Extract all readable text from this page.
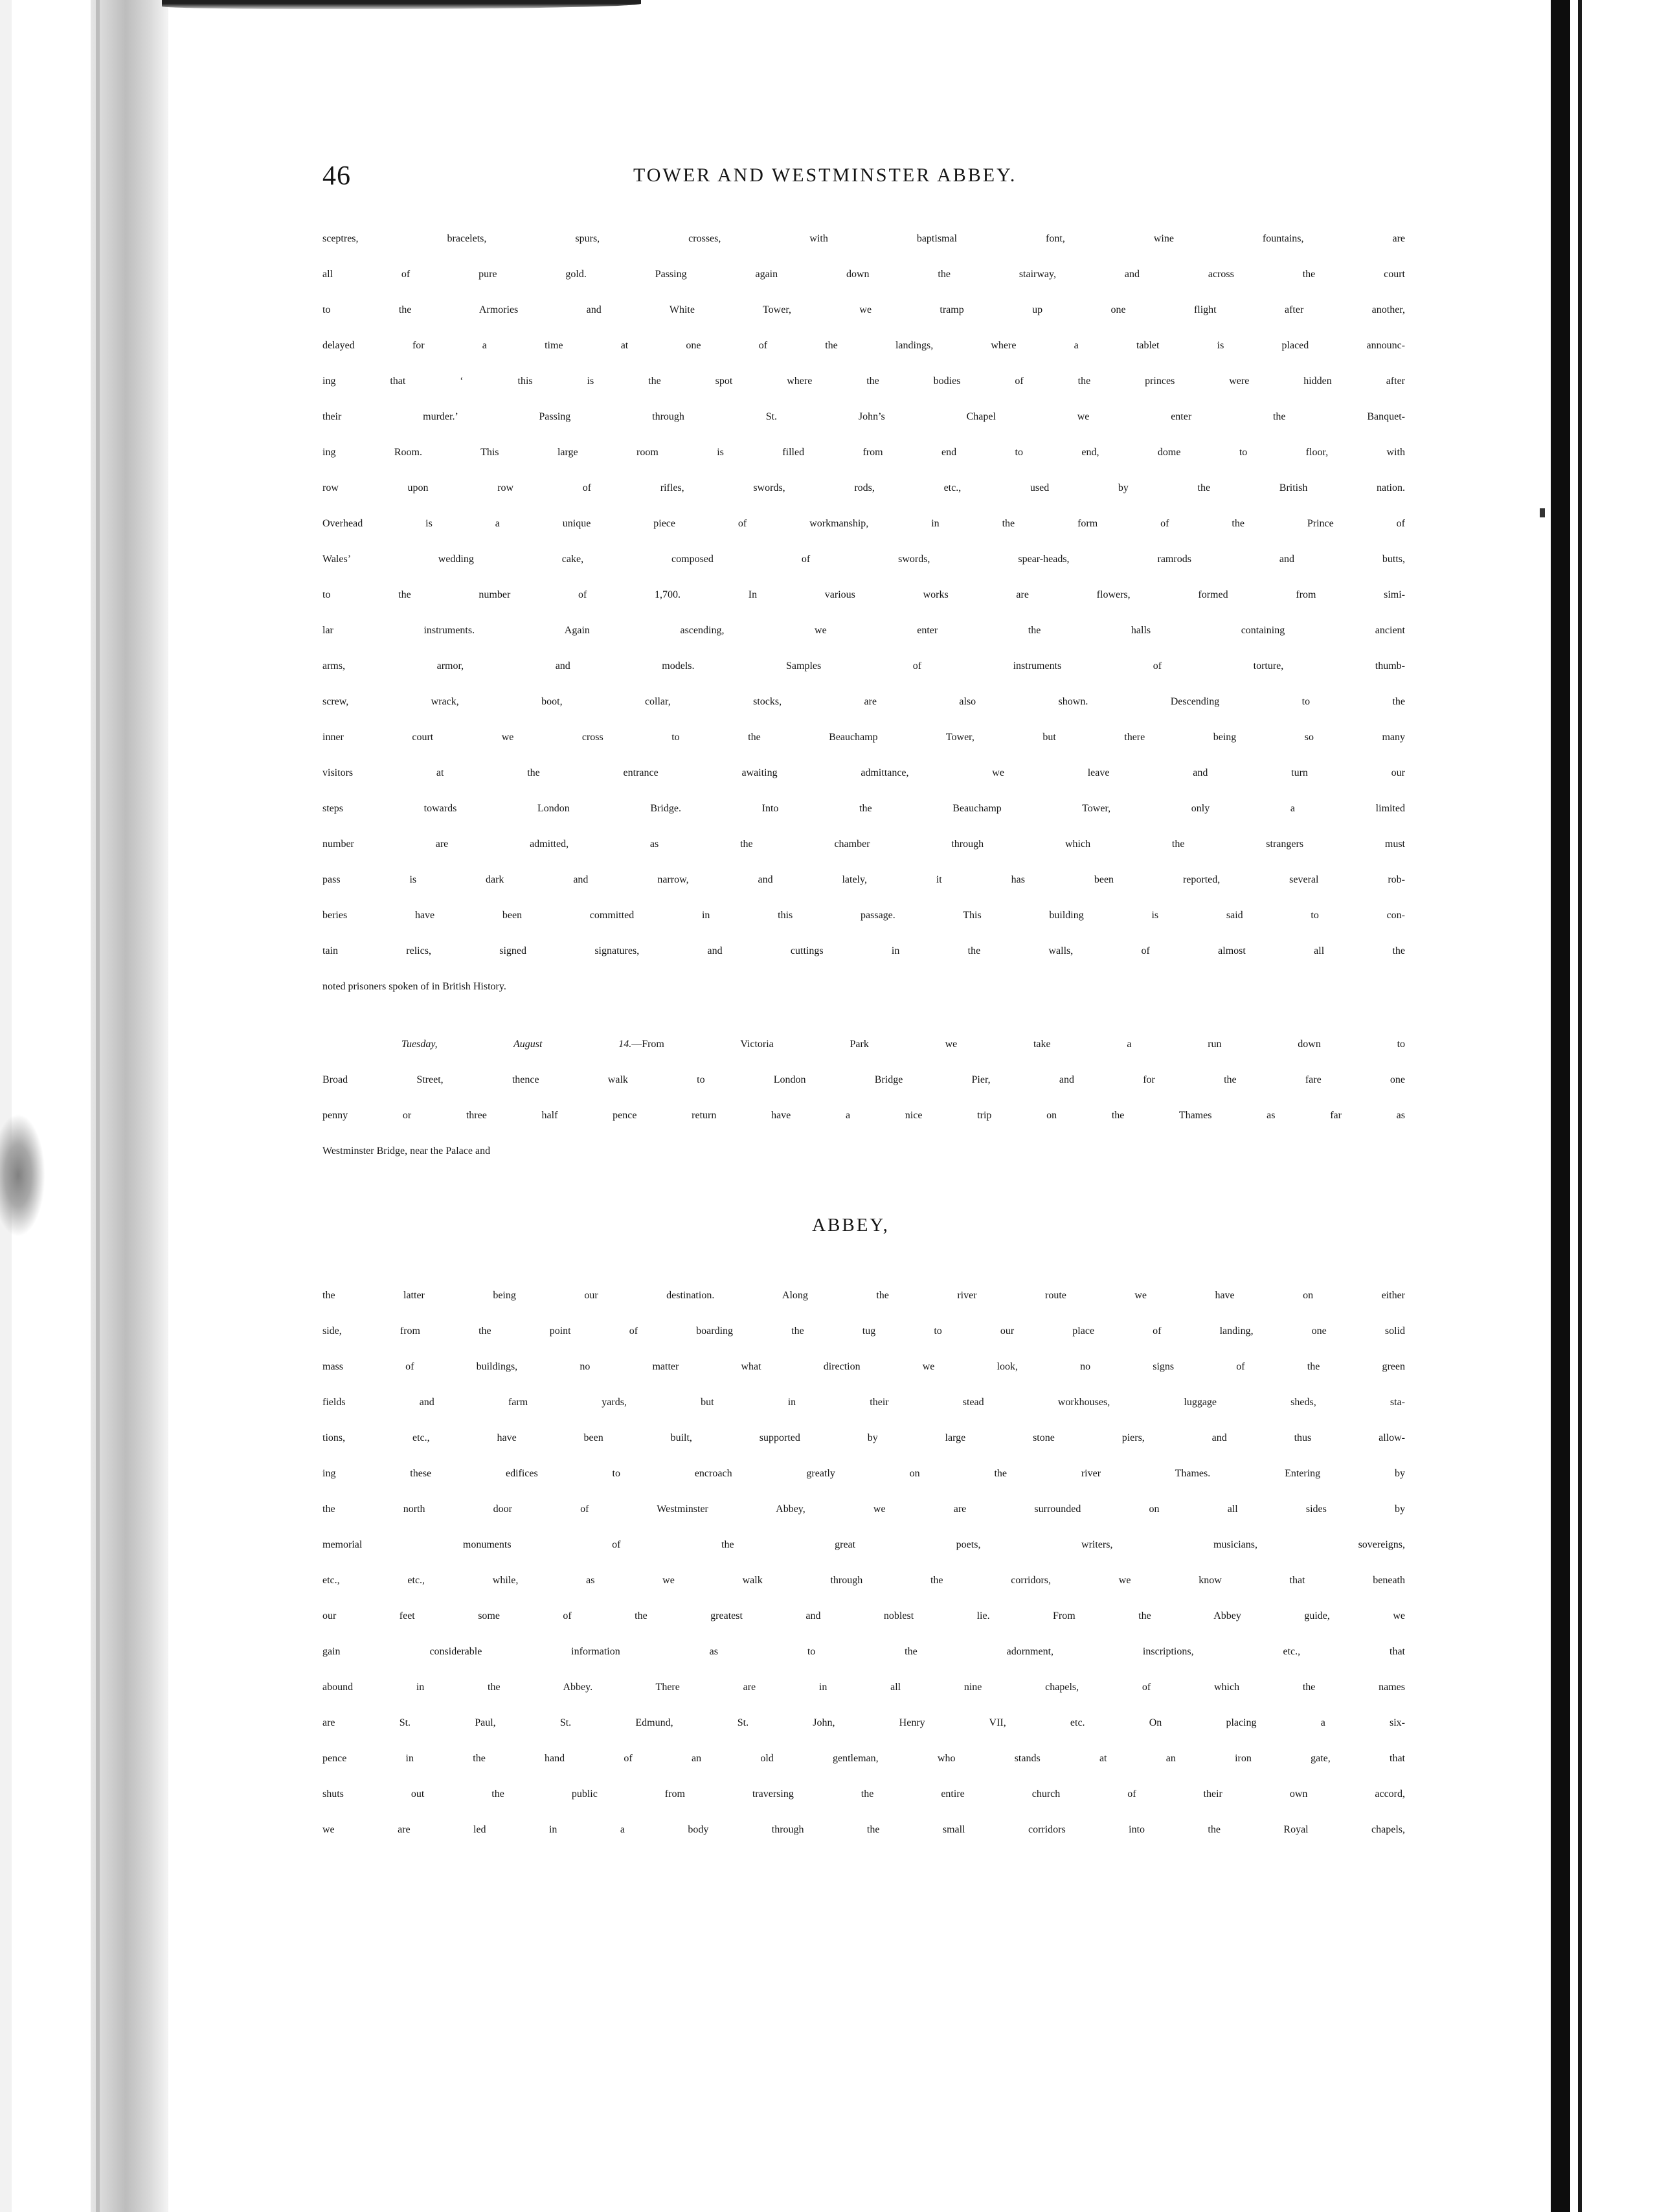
46	TOWER AND WESTMINSTER ABBEY.
sceptres, bracelets, spurs, crosses, with baptismal font, wine fountains, are
all of pure gold. Passing again down the stairway, and across the court
to the Armories and White Tower, we tramp up one flight after another,
delayed for a time at one of the landings, where a tablet is placed announc-
ing that ‘ this is the spot where the bodies of the princes were hidden after
their murder.’ Passing through St. John’s Chapel we enter the Banquet-
ing Room. This large room is filled from end to end, dome to floor, with
row upon row of rifles, swords, rods, etc., used by the British nation.
Overhead is a unique piece of workmanship, in the form of the Prince of
Wales’ wedding cake, composed of swords, spear-heads, ramrods and butts,
to the number of 1,700. In various works are flowers, formed from simi-
lar instruments. Again ascending, we enter the halls containing ancient
arms, armor, and models. Samples of instruments of torture, thumb-
screw, wrack, boot, collar, stocks, are also shown. Descending to the
inner court we cross to the Beauchamp Tower, but there being so many
visitors at the entrance awaiting admittance, we leave and turn our
steps towards London Bridge. Into the Beauchamp Tower, only a limited
number are admitted, as the chamber through which the strangers must
pass is dark and narrow, and lately, it has been reported, several rob-
beries have been committed in this passage. This building is said to con-
tain relics, signed signatures, and cuttings in the walls, of almost all the
noted prisoners spoken of in British History.
Tuesday, August 14.—From Victoria Park we take a run down to
Broad Street, thence walk to London Bridge Pier, and for the fare one
penny or three half pence return have a nice trip on the Thames as far as
Westminster Bridge, near the Palace and
ABBEY,
the latter being our destination. Along the river route we have on either
side, from the point of boarding the tug to our place of landing, one solid
mass of buildings, no matter what direction we look, no signs of the green
fields and farm yards, but in their stead workhouses, luggage sheds, sta-
tions, etc., have been built, supported by large stone piers, and thus allow-
ing these edifices to encroach greatly on the river Thames. Entering by
the north door of Westminster Abbey, we are surrounded on all sides by
memorial monuments of the great poets, writers, musicians, sovereigns,
etc., etc., while, as we walk through the corridors, we know that beneath
our feet some of the greatest and noblest lie. From the Abbey guide, we
gain considerable information as to the adornment, inscriptions, etc., that
abound in the Abbey. There are in all nine chapels, of which the names
are St. Paul, St. Edmund, St. John, Henry VII, etc. On placing a six-
pence in the hand of an old gentleman, who stands at an iron gate, that
shuts out the public from traversing the entire church of their own accord,
we are led in a body through the small corridors into the Royal chapels,
